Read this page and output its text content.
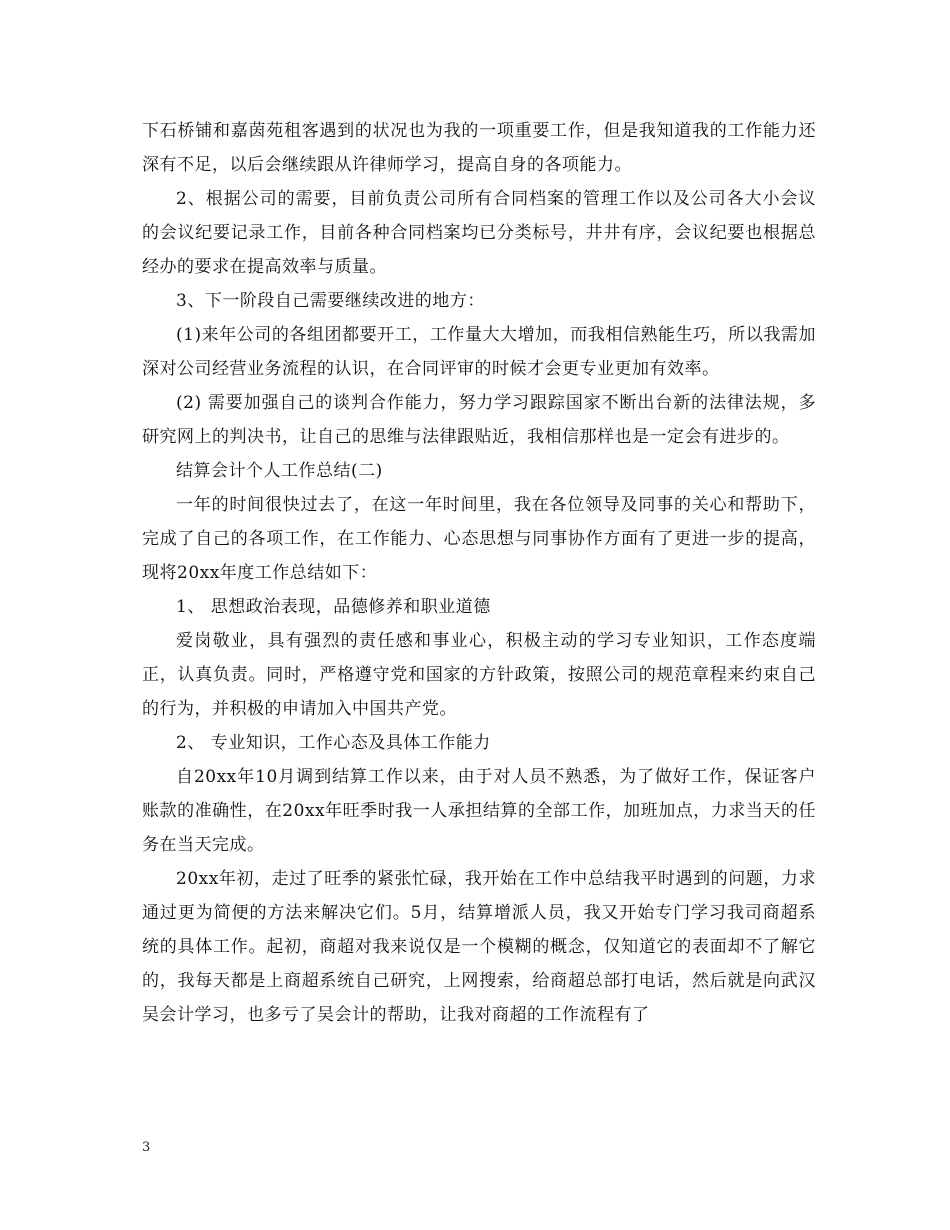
下石桥铺和嘉茵苑租客遇到的状况也为我的一项重要工作，但是我知道我的工作能力还深有不足，以后会继续跟从许律师学习，提高自身的各项能力。

2、根据公司的需要，目前负责公司所有合同档案的管理工作以及公司各大小会议的会议纪要记录工作，目前各种合同档案均已分类标号，井井有序，会议纪要也根据总经办的要求在提高效率与质量。

3、下一阶段自己需要继续改进的地方：

(1)来年公司的各组团都要开工，工作量大大增加，而我相信熟能生巧，所以我需加深对公司经营业务流程的认识，在合同评审的时候才会更专业更加有效率。

(2) 需要加强自己的谈判合作能力，努力学习跟踪国家不断出台新的法律法规，多研究网上的判决书，让自己的思维与法律跟贴近，我相信那样也是一定会有进步的。

结算会计个人工作总结(二)

一年的时间很快过去了，在这一年时间里，我在各位领导及同事的关心和帮助下，完成了自己的各项工作，在工作能力、心态思想与同事协作方面有了更进一步的提高，现将20xx年度工作总结如下：

1、 思想政治表现，品德修养和职业道德

爱岗敬业，具有强烈的责任感和事业心，积极主动的学习专业知识，工作态度端正，认真负责。同时，严格遵守党和国家的方针政策，按照公司的规范章程来约束自己的行为，并积极的申请加入中国共产党。

2、 专业知识，工作心态及具体工作能力

自20xx年10月调到结算工作以来，由于对人员不熟悉，为了做好工作，保证客户账款的准确性，在20xx年旺季时我一人承担结算的全部工作，加班加点，力求当天的任务在当天完成。

20xx年初，走过了旺季的紧张忙碌，我开始在工作中总结我平时遇到的问题，力求通过更为简便的方法来解决它们。5月，结算增派人员，我又开始专门学习我司商超系统的具体工作。起初，商超对我来说仅是一个模糊的概念，仅知道它的表面却不了解它的，我每天都是上商超系统自己研究，上网搜索，给商超总部打电话，然后就是向武汉吴会计学习，也多亏了吴会计的帮助，让我对商超的工作流程有了

3
